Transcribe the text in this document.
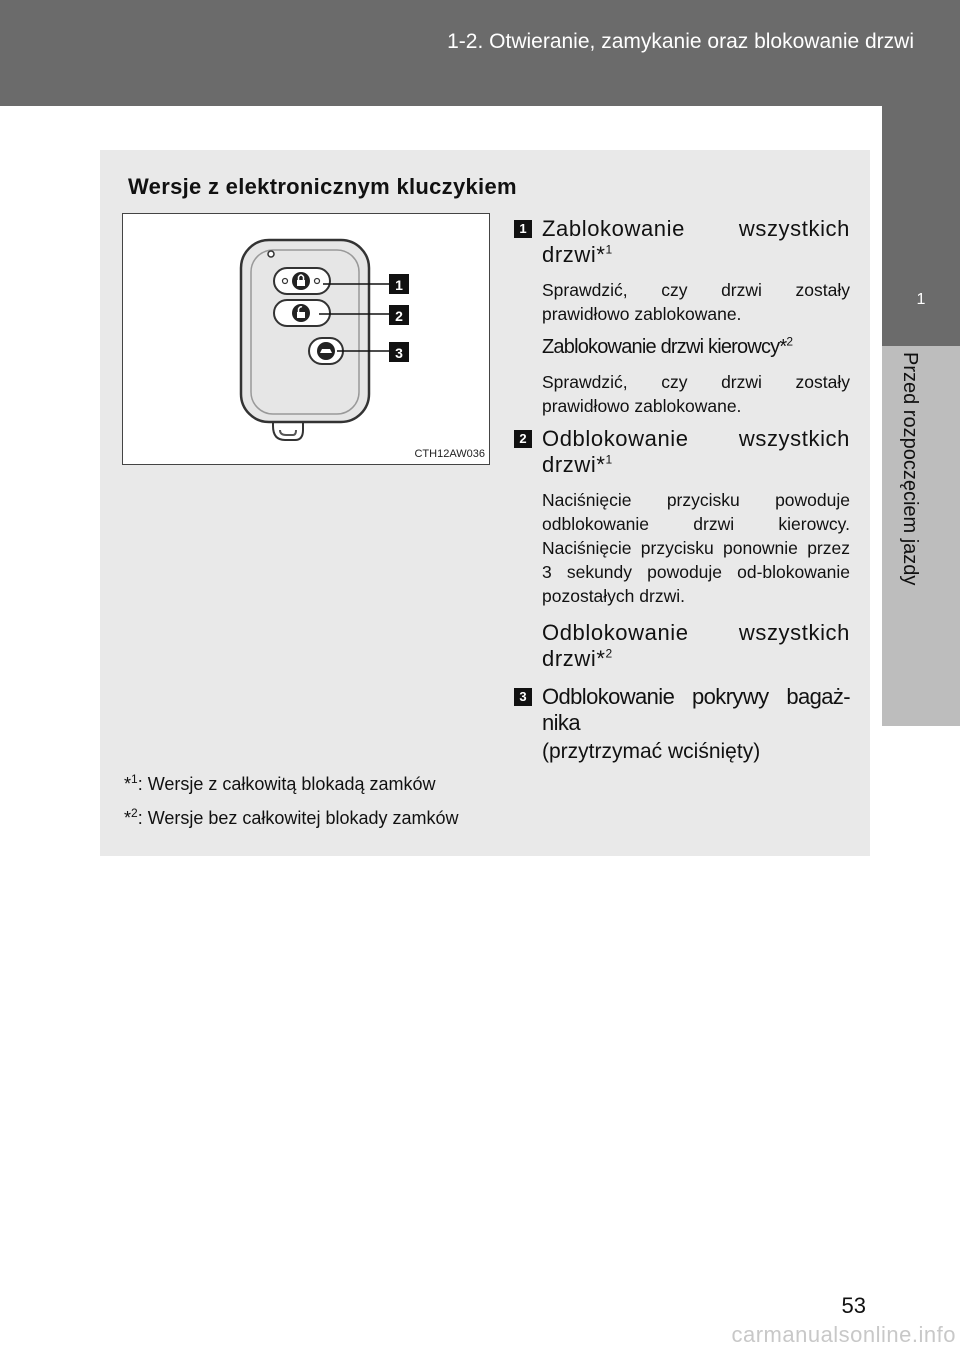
1-2. Otwieranie, zamykanie oraz blokowanie drzwi
1
Przed rozpoczęciem jazdy
Wersje z elektronicznym kluczykiem
1
2
3
CTH12AW036
1 Zablokowanie wszystkich drzwi*$^1$
Sprawdzić, czy drzwi zostały prawidłowo zablokowane.
Zablokowanie drzwi kierowcy*$^2$
Sprawdzić, czy drzwi zostały prawidłowo zablokowane.
2 Odblokowanie wszystkich drzwi*$^1$
Naciśnięcie przycisku powoduje odblokowanie drzwi kierowcy. Naciśnięcie przycisku ponownie przez 3 sekundy powoduje od-blokowanie pozostałych drzwi.
Odblokowanie wszystkich drzwi*$^2$
3 Odblokowanie pokrywy bagaż-nika
(przytrzymać wciśnięty)
*$^1$: Wersje z całkowitą blokadą zamków
*$^2$: Wersje bez całkowitej blokady zamków
53
carmanualsonline.info
